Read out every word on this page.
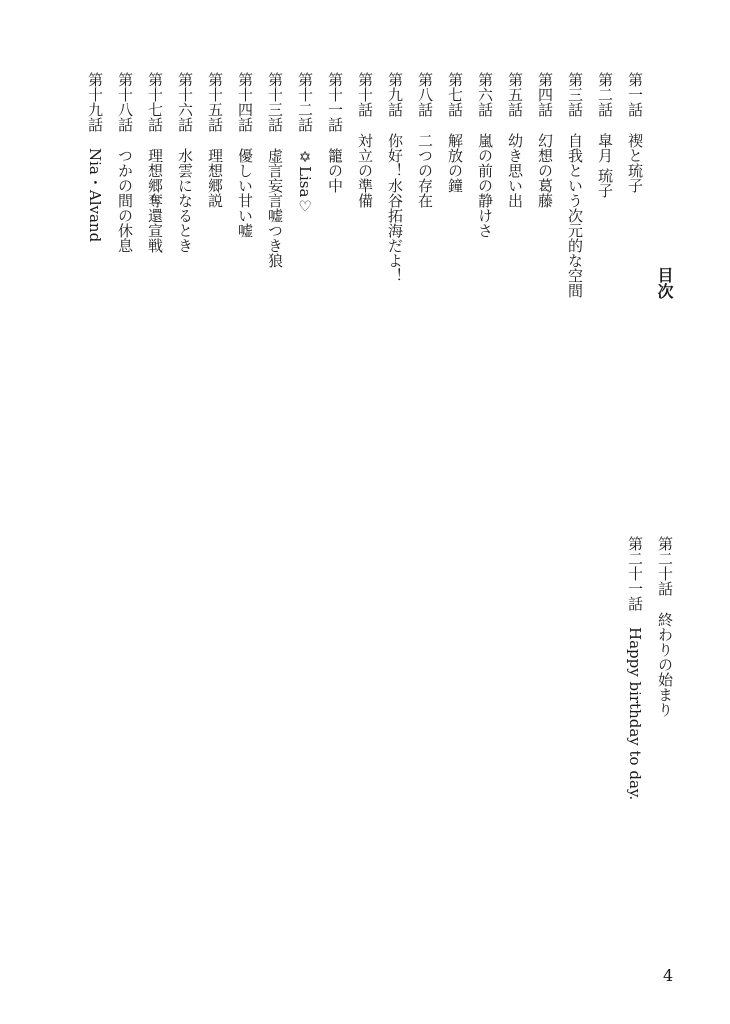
目次
第一話禊と琉子
第二話皐月 琉子
第三話自我という次元的な空間
第四話幻想の葛藤
第五話幼き思い出
第六話嵐の前の静けさ
第七話解放の鐘
第八話二つの存在
第九話你好！水谷拓海だよ！
第十話対立の準備
第十一話籠の中
第十二話✡Lisa♡
第十三話虚言妄言嘘つき狼
第十四話優しい甘い嘘
第十五話理想郷説
第十六話水雲になるとき
第十七話理想郷奪還宣戦
第十八話つかの間の休息
第十九話Nia・Alvand
第二十話終わりの始まり
第二十一話Happy birthday to day.
4
